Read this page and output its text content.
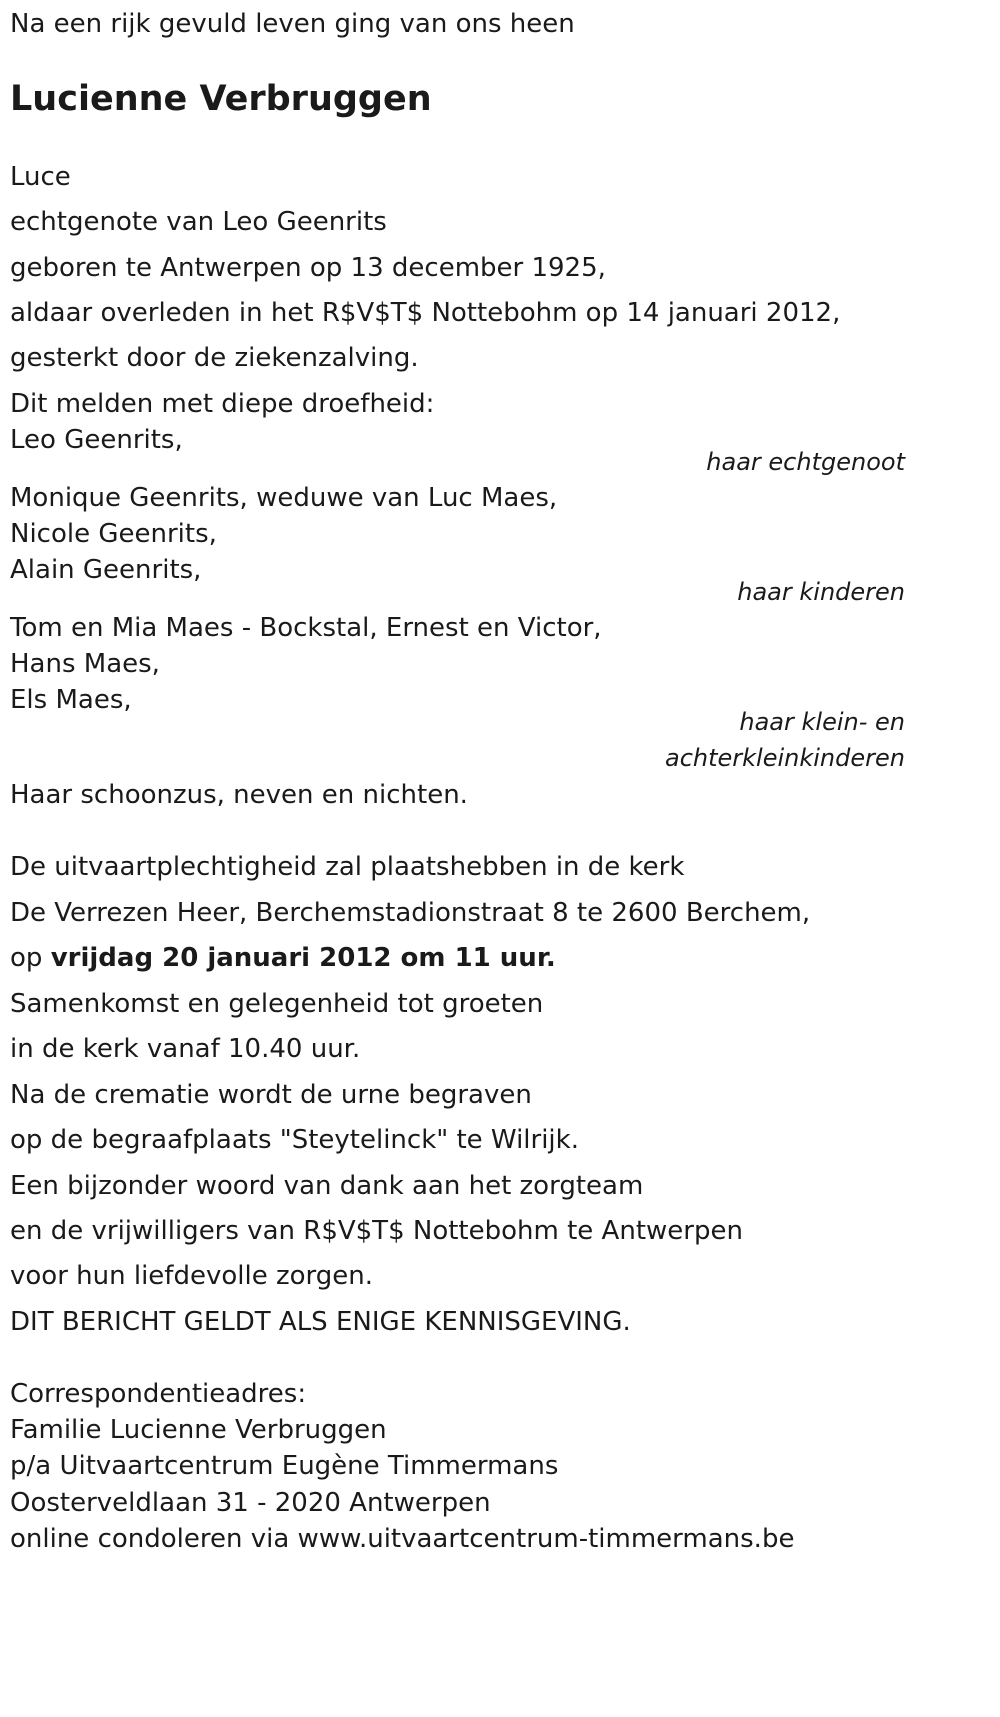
Na een rijk gevuld leven ging van ons heen
Lucienne Verbruggen
Luce
echtgenote van Leo Geenrits
geboren te Antwerpen op 13 december 1925,
aldaar overleden in het R$V$T$ Nottebohm op 14 januari 2012,
gesterkt door de ziekenzalving.
Dit melden met diepe droefheid:
Leo Geenrits,
haar echtgenoot
Monique Geenrits, weduwe van Luc Maes,
Nicole Geenrits,
Alain Geenrits,
haar kinderen
Tom en Mia Maes - Bockstal, Ernest en Victor,
Hans Maes,
Els Maes,
haar klein- en
achterkleinkinderen
Haar schoonzus, neven en nichten.
De uitvaartplechtigheid zal plaatshebben in de kerk
De Verrezen Heer, Berchemstadionstraat 8 te 2600 Berchem,
op vrijdag 20 januari 2012 om 11 uur.
Samenkomst en gelegenheid tot groeten
in de kerk vanaf 10.40 uur.
Na de crematie wordt de urne begraven
op de begraafplaats "Steytelinck" te Wilrijk.
Een bijzonder woord van dank aan het zorgteam
en de vrijwilligers van R$V$T$ Nottebohm te Antwerpen
voor hun liefdevolle zorgen.
DIT BERICHT GELDT ALS ENIGE KENNISGEVING.
Correspondentieadres:
Familie Lucienne Verbruggen
p/a Uitvaartcentrum Eugène Timmermans
Oosterveldlaan 31 - 2020 Antwerpen
online condoleren via www.uitvaartcentrum-timmermans.be
